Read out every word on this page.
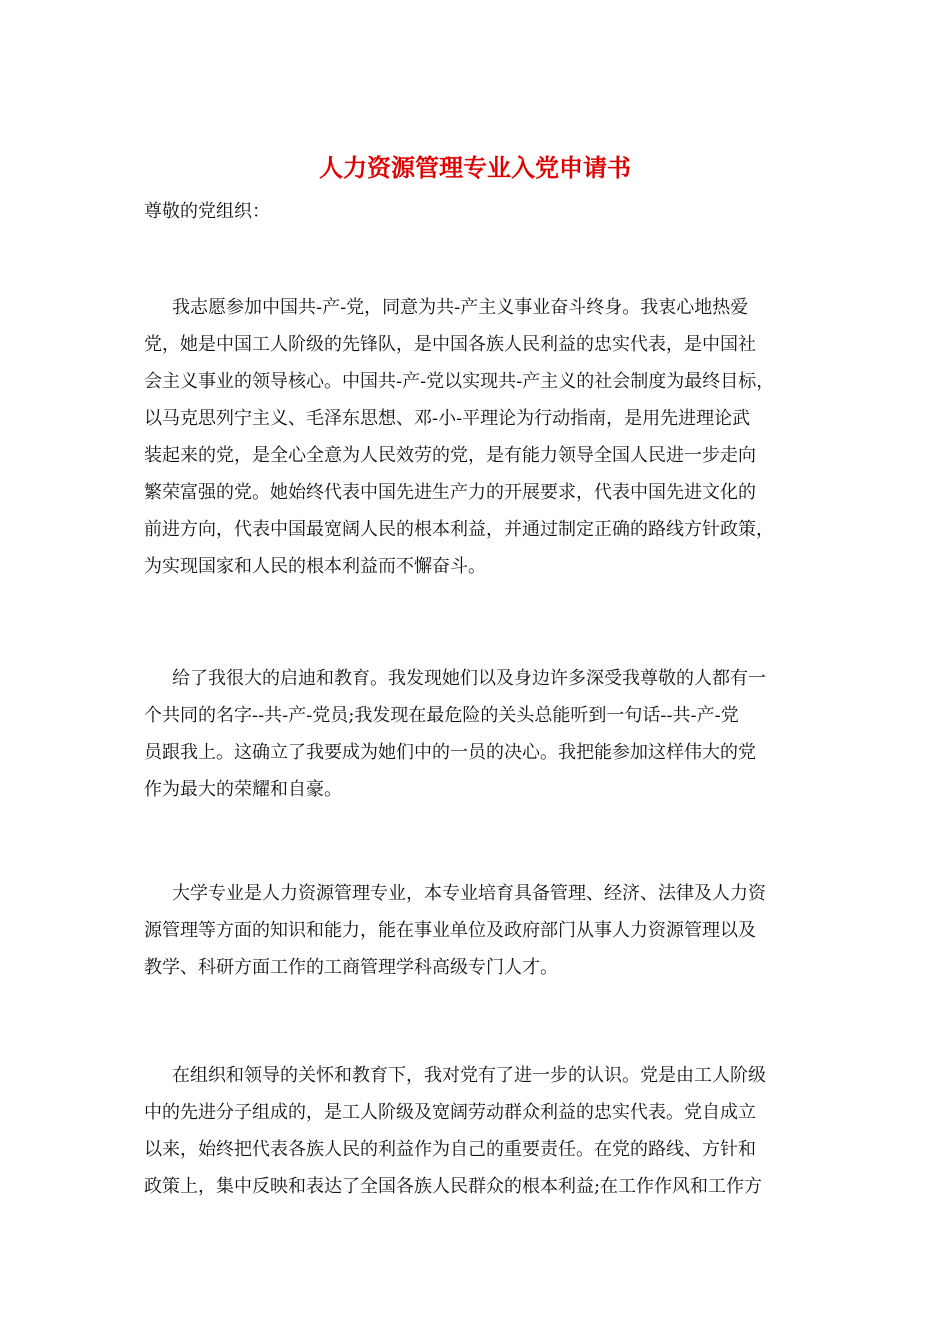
人力资源管理专业入党申请书

尊敬的党组织：

我志愿参加中国共-产-党，同意为共-产主义事业奋斗终身。我衷心地热爱

党，她是中国工人阶级的先锋队，是中国各族人民利益的忠实代表，是中国社

会主义事业的领导核心。中国共-产-党以实现共-产主义的社会制度为最终目标，

以马克思列宁主义、毛泽东思想、邓-小-平理论为行动指南，是用先进理论武

装起来的党，是全心全意为人民效劳的党，是有能力领导全国人民进一步走向

繁荣富强的党。她始终代表中国先进生产力的开展要求，代表中国先进文化的

前进方向，代表中国最宽阔人民的根本利益，并通过制定正确的路线方针政策，

为实现国家和人民的根本利益而不懈奋斗。

给了我很大的启迪和教育。我发现她们以及身边许多深受我尊敬的人都有一

个共同的名字--共-产-党员;我发现在最危险的关头总能听到一句话--共-产-党

员跟我上。这确立了我要成为她们中的一员的决心。我把能参加这样伟大的党

作为最大的荣耀和自豪。

大学专业是人力资源管理专业，本专业培育具备管理、经济、法律及人力资

源管理等方面的知识和能力，能在事业单位及政府部门从事人力资源管理以及

教学、科研方面工作的工商管理学科高级专门人才。

在组织和领导的关怀和教育下，我对党有了进一步的认识。党是由工人阶级

中的先进分子组成的，是工人阶级及宽阔劳动群众利益的忠实代表。党自成立

以来，始终把代表各族人民的利益作为自己的重要责任。在党的路线、方针和

政策上，集中反映和表达了全国各族人民群众的根本利益;在工作作风和工作方
